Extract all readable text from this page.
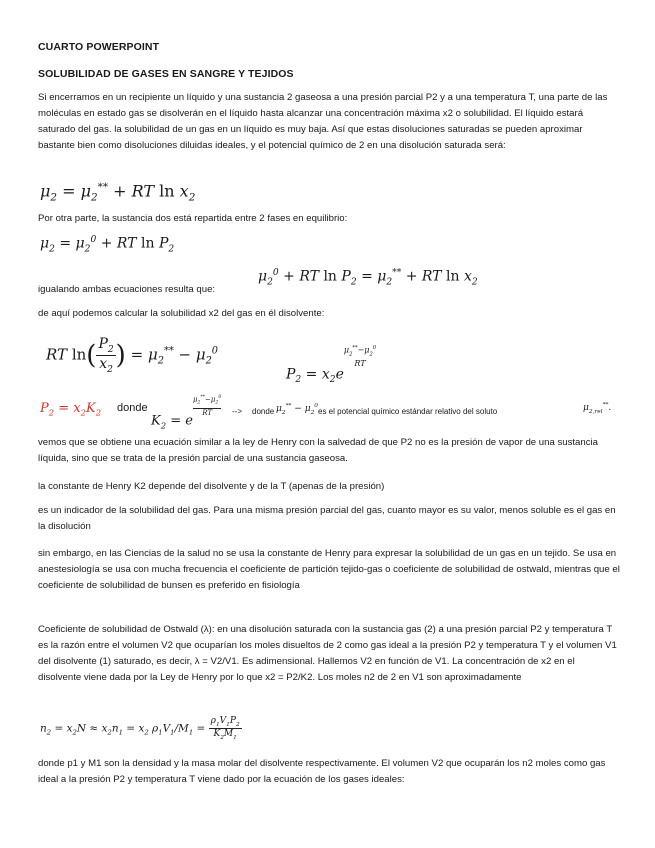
CUARTO POWERPOINT
SOLUBILIDAD DE GASES EN SANGRE Y TEJIDOS
Si encerramos en un recipiente un líquido y una sustancia 2 gaseosa a una presión parcial P2 y a una temperatura T, una parte de las moléculas en estado gas se disolverán en el líquido hasta alcanzar una concentración máxima x2 o solubilidad. El líquido estará saturado del gas. la solubilidad de un gas en un líquido es muy baja. Así que estas disoluciones saturadas se pueden aproximar bastante bien como disoluciones diluidas ideales, y el potencial químico de 2 en una disolución saturada será:
$\mu_2 = \mu_2^{**}$ + RT $\ln x_2$
Por otra parte, la sustancia dos está repartida entre 2 fases en equilibrio:
$\mu_2 = \mu_2^0$ + RT $\ln P_2$
igualando ambas ecuaciones resulta que:
$\mu_2^0$ + RT $\ln P_2 = \mu_2^{**}$ + RT $\ln x_2$
de aquí podemos calcular la solubilidad x2 del gas en él disolvente:
RT $\ln( \frac{P_2}{x_2}$ ) = $\mu_2^{**} - \mu_2^0$
$P_2 = x_2e$
$\mu_2^{**}-\mu_2^0$
RT
$P_2 = x_2K_2$ donde
$K_2 = e$
$\frac{\mu_2^{**}-\mu_2^0}{RT}$ --> donde $\mu_2^{**} - \mu_2^0$
es el potencial químico estándar relativo del soluto	$\mu_{2,rel}^{**}$.
vemos que se obtiene una ecuación similar a la ley de Henry con la salvedad de que P2 no es la presión de vapor de una sustancia líquida, sino que se trata de la presión parcial de una sustancia gaseosa.
la constante de Henry K2 depende del disolvente y de la T (apenas de la presión)
es un indicador de la solubilidad del gas. Para una misma presión parcial del gas, cuanto mayor es su valor, menos soluble es el gas en la disolución
sin embargo, en las Ciencias de la salud no se usa la constante de Henry para expresar la solubilidad de un gas en un tejido. Se usa en anestesiología se usa con mucha frecuencia el coeficiente de partición tejido-gas o coeficiente de solubilidad de ostwald, mientras que el coeficiente de solubilidad de bunsen es preferido en fisiología
Coeficiente de solubilidad de Ostwald (λ): en una disolución saturada con la sustancia gas (2) a una presión parcial P2 y temperatura T es la razón entre el volumen V2 que ocuparían los moles disueltos de 2 como gas ideal a la presión P2 y temperatura T y el volumen V1 del disolvente (1) saturado, es decir, λ = V2/V1. Es adimensional. Hallemos V2 en función de V1. La concentración de x2 en el disolvente viene dada por la Ley de Henry por lo que x2 = P2/K2. Los moles n2 de 2 en V1 son aproximadamente
$n_2 = x_2N \approx x_2n_1 = x_2$ $\rho_1V_1/M_1 = \frac{\rho_1V_1P_2}{K_2M_1}$
donde p1 y M1 son la densidad y la masa molar del disolvente respectivamente. El volumen V2 que ocuparán los n2 moles como gas ideal a la presión P2 y temperatura T viene dado por la ecuación de los gases ideales:
